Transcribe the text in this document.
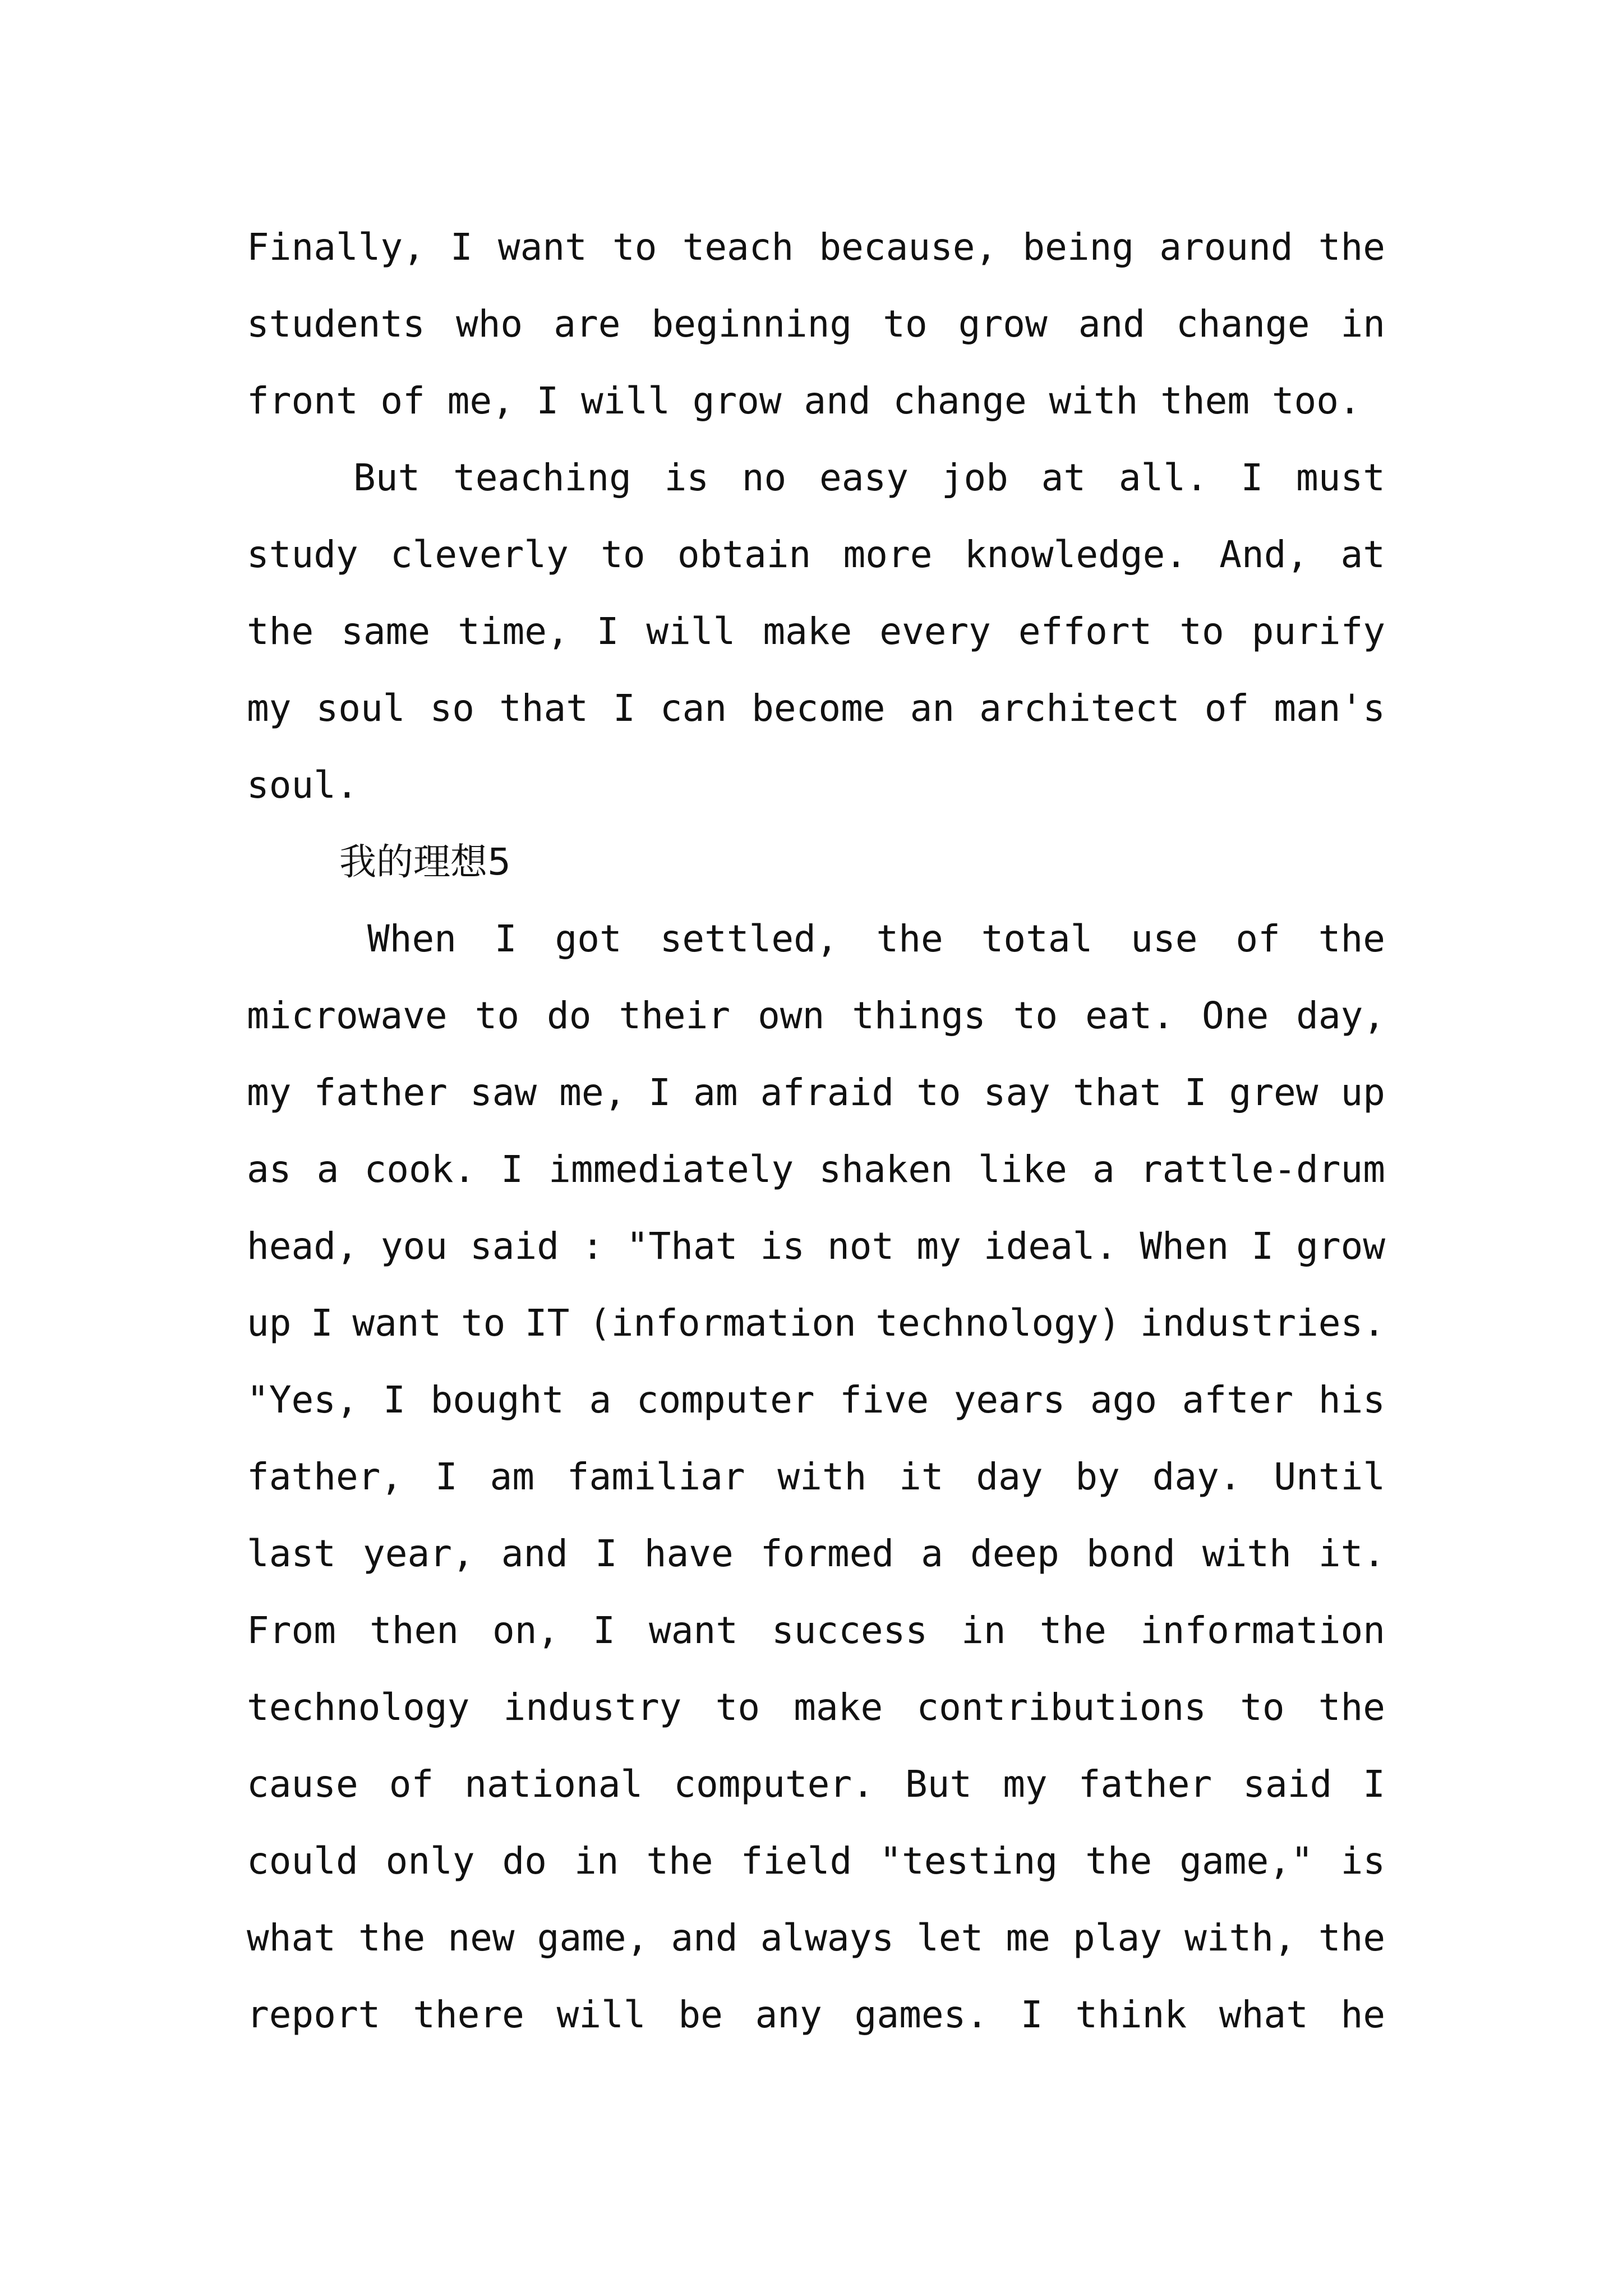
Finally, I want to teach because, being around the
students who are beginning to grow and change in
front of me, I will grow and change with them too.
But teaching is no easy job at all. I must
study cleverly to obtain more knowledge. And, at
the same time, I will make every effort to purify
my soul so that I can become an architect of man's
soul.
我的理想5
When I got settled, the total use of the
microwave to do their own things to eat. One day,
my father saw me, I am afraid to say that I grew up
as a cook. I immediately shaken like a rattle-drum
head, you said : "That is not my ideal. When I grow
up I want to IT (information technology) industries.
"Yes, I bought a computer five years ago after his
father, I am familiar with it day by day. Until
last year, and I have formed a deep bond with it.
From then on, I want success in the information
technology industry to make contributions to the
cause of national computer. But my father said I
could only do in the field "testing the game," is
what the new game, and always let me play with, the
report there will be any games. I think what he
